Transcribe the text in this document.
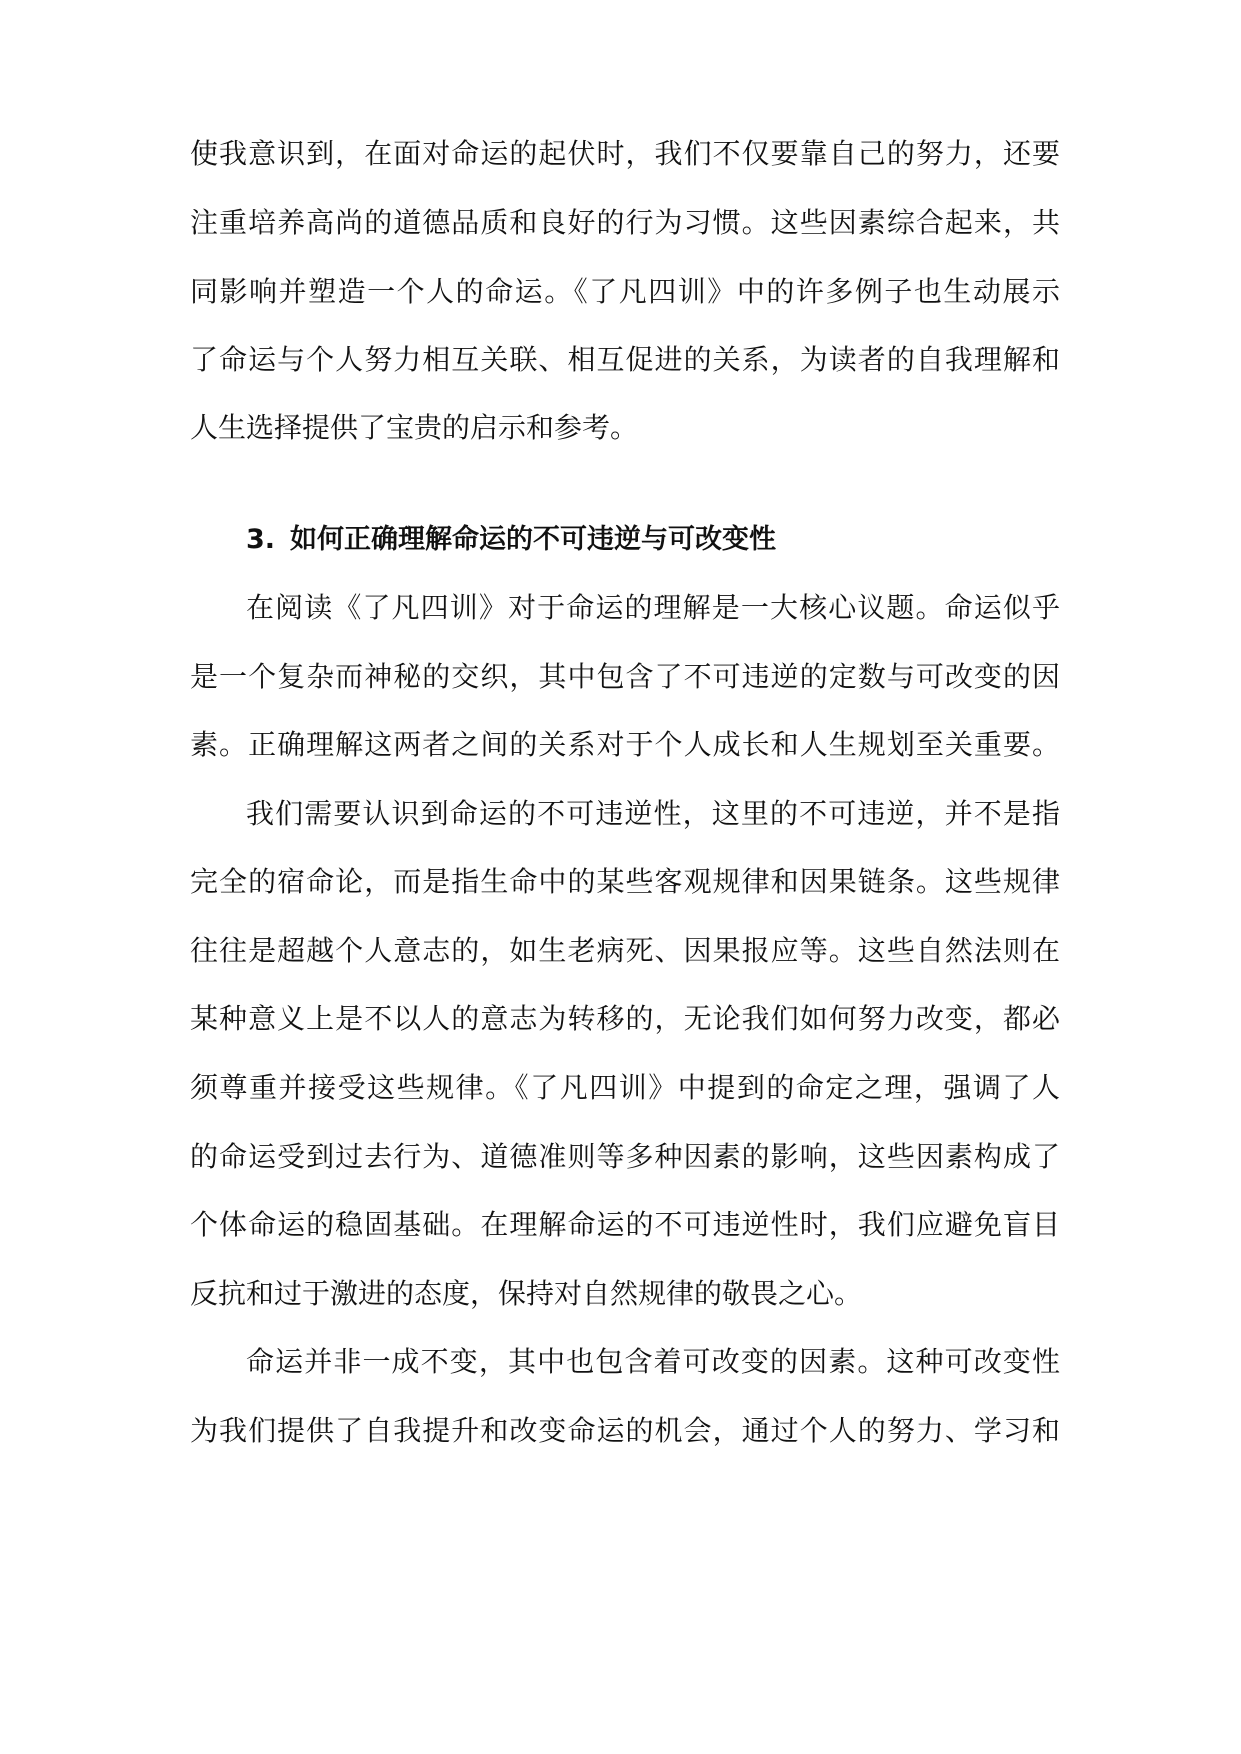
使我意识到，在面对命运的起伏时，我们不仅要靠自己的努力，还要
注重培养高尚的道德品质和良好的行为习惯。这些因素综合起来，共
同影响并塑造一个人的命运。《了凡四训》中的许多例子也生动展示
了命运与个人努力相互关联、相互促进的关系，为读者的自我理解和
人生选择提供了宝贵的启示和参考。
3. 如何正确理解命运的不可违逆与可改变性
在阅读《了凡四训》对于命运的理解是一大核心议题。命运似乎
是一个复杂而神秘的交织，其中包含了不可违逆的定数与可改变的因
素。正确理解这两者之间的关系对于个人成长和人生规划至关重要。
我们需要认识到命运的不可违逆性，这里的不可违逆，并不是指
完全的宿命论，而是指生命中的某些客观规律和因果链条。这些规律
往往是超越个人意志的，如生老病死、因果报应等。这些自然法则在
某种意义上是不以人的意志为转移的，无论我们如何努力改变，都必
须尊重并接受这些规律。《了凡四训》中提到的命定之理，强调了人
的命运受到过去行为、道德准则等多种因素的影响，这些因素构成了
个体命运的稳固基础。在理解命运的不可违逆性时，我们应避免盲目
反抗和过于激进的态度，保持对自然规律的敬畏之心。
命运并非一成不变，其中也包含着可改变的因素。这种可改变性
为我们提供了自我提升和改变命运的机会，通过个人的努力、学习和
